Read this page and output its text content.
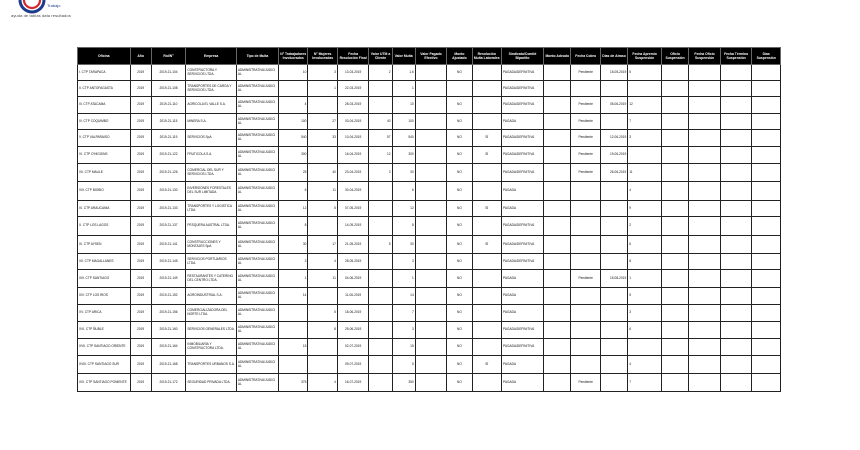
Trabajo
ayuda de tablas data resultados
Oficina	Año	Rol/N°	Empresa	Tipo de Multa	N° Trabajadores Involucrados	N° Mujeres Involucradas	Fecha Resolución Final	Valor UTM a Cliente	Valor Multa	Valor Pagado Efectivo	Monto Ajustado	Resolución Multa Laborales	Sindicato/Comité Bipartito	Monto Adeudo	Fecha Cobro	Días de Atraso	Fecha Apremio Suspensión	Oficio Suspensión	Fecha Oficio Suspensión	Fecha Término Suspensión	Días Suspensión
I. CTP TARAPACA	2019	2019-21-104	CONSTRUCTORA Y SERVICIOS LTDA.	ADMINISTRATIVA/JUDICIAL	10	3	13-03-2019	2	1.6		NO		PAGADA/DEFINITIVA		Pendiente	15-05-2019	5				
II. CTP ANTOFAGASTA	2019	2019-21-108	TRANSPORTES DE CARGA Y SERVICIOS LTDA.	ADMINISTRATIVA/JUDICIAL		1	22-03-2019		1				PAGADA/DEFINITIVA								
III. CTP ATACAMA	2019	2019-21-110	AGRICOLA EL VALLE S.A.	ADMINISTRATIVA/JUDICIAL	4		28-03-2019		10		NO		PAGADA/DEFINITIVA		Pendiente	05-06-2019	12				
IV. CTP COQUIMBO	2019	2019-21-115	MINERA S.A.	ADMINISTRATIVA/JUDICIAL	100	27	03-04-2019	40	100		NO		PAGADA		Pendiente		7				
V. CTP VALPARAISO	2019	2019-21-119	SERVICIOS SpA	ADMINISTRATIVA/JUDICIAL	540	33	10-04-2019	57	540		NO	SÍ	PAGADA/DEFINITIVA		Pendiente	12-06-2019	3				
VI. CTP O'HIGGINS	2019	2019-21-122	FRUTICOLA S.A.	ADMINISTRATIVA/JUDICIAL	300		16-04-2019	12	300		NO	SÍ	PAGADA/DEFINITIVA		Pendiente	19-06-2019					
VII. CTP MAULE	2019	2019-21-126	COMERCIAL DEL SUR Y SERVICIOS LTDA.	ADMINISTRATIVA/JUDICIAL	25	40	23-04-2019	3	30		NO		PAGADA/DEFINITIVA		Pendiente	26-06-2019	11				
VIII. CTP BIOBIO	2019	2019-21-130	INVERSIONES FORESTALES DEL SUR LIMITADA	ADMINISTRATIVA/JUDICIAL	6	11	30-04-2019		6		NO		PAGADA				4				
IX. CTP ARAUCANIA	2019	2019-21-133	TRANSPORTES Y LOGISTICA LTDA.	ADMINISTRATIVA/JUDICIAL	12	5	07-05-2019		12		NO	SÍ	PAGADA				9				
X. CTP LOS LAGOS	2019	2019-21-137	PESQUERA AUSTRAL LTDA.	ADMINISTRATIVA/JUDICIAL	8		14-05-2019		8		NO		PAGADA/DEFINITIVA				2				
XI. CTP AYSEN	2019	2019-21-141	CONSTRUCCIONES Y MONTAJES SpA	ADMINISTRATIVA/JUDICIAL	30	17	21-05-2019	5	30		NO	SÍ	PAGADA/DEFINITIVA				6				
XII. CTP MAGALLANES	2019	2019-21-145	SERVICIOS PORTUARIOS LTDA.	ADMINISTRATIVA/JUDICIAL	3	4	28-05-2019		3		NO		PAGADA/DEFINITIVA				8				
XIII. CTP SANTIAGO	2019	2019-21-149	RESTAURANTES Y CATERING DEL CENTRO LTDA.	ADMINISTRATIVA/JUDICIAL	1	11	04-06-2019		1		NO		PAGADA		Pendiente	15-08-2019	1				
XIV. CTP LOS RIOS	2019	2019-21-152	AGROINDUSTRIAL S.A.	ADMINISTRATIVA/JUDICIAL	14		11-06-2019		14		NO		PAGADA				5				
XV. CTP ARICA	2019	2019-21-156	COMERCIALIZADORA DEL NORTE LTDA.	ADMINISTRATIVA/JUDICIAL		5	18-06-2019		7		NO		PAGADA				3				
XVI. CTP ÑUBLE	2019	2019-21-160	SERVICIOS GENERALES LTDA.	ADMINISTRATIVA/JUDICIAL		8	25-06-2019		3		NO		PAGADA/DEFINITIVA				6				
XVII. CTP SANTIAGO ORIENTE	2019	2019-21-164	INMOBILIARIA Y CONSTRUCTORA LTDA.	ADMINISTRATIVA/JUDICIAL	15		02-07-2019		15		NO		PAGADA/DEFINITIVA								
XVIII. CTP SANTIAGO SUR	2019	2019-21-168	TRANSPORTES URBANOS S.A.	ADMINISTRATIVA/JUDICIAL			09-07-2019		5		NO	SÍ	PAGADA				4				
XIX. CTP SANTIAGO PONIENTE	2019	2019-21-172	SEGURIDAD PRIVADA LTDA.	ADMINISTRATIVA/JUDICIAL	375	4	16-07-2019		350		NO		PAGADA		Pendiente		7				
